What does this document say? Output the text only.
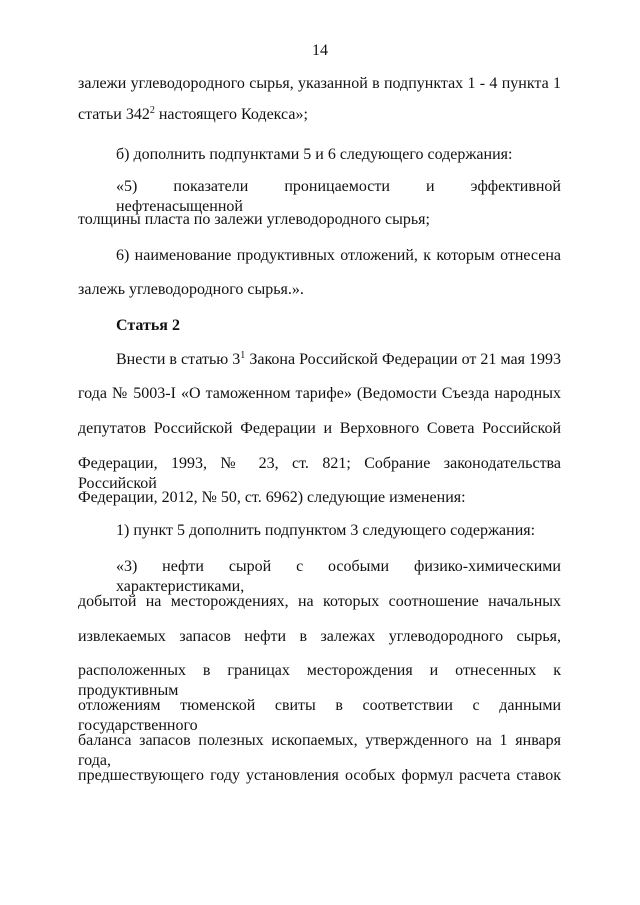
14
залежи углеводородного сырья, указанной в подпунктах 1 - 4 пункта 1
статьи $342^2$ настоящего Кодекса»;
б) дополнить подпунктами 5 и 6 следующего содержания:
«5) показатели проницаемости и эффективной нефтенасыщенной
толщины пласта по залежи углеводородного сырья;
6) наименование продуктивных отложений, к которым отнесена
залежь углеводородного сырья.».
Статья 2
Внести в статью $3^1$ Закона Российской Федерации от 21 мая 1993
года № 5003-I «О таможенном тарифе» (Ведомости Съезда народных
депутатов Российской Федерации и Верховного Совета Российской
Федерации, 1993, № 23, ст. 821; Собрание законодательства Российской
Федерации, 2012, № 50, ст. 6962) следующие изменения:
1) пункт 5 дополнить подпунктом 3 следующего содержания:
«3) нефти сырой с особыми физико-химическими характеристиками,
добытой на месторождениях, на которых соотношение начальных
извлекаемых запасов нефти в залежах углеводородного сырья,
расположенных в границах месторождения и отнесенных к продуктивным
отложениям тюменской свиты в соответствии с данными государственного
баланса запасов полезных ископаемых, утвержденного на 1 января года,
предшествующего году установления особых формул расчета ставок
